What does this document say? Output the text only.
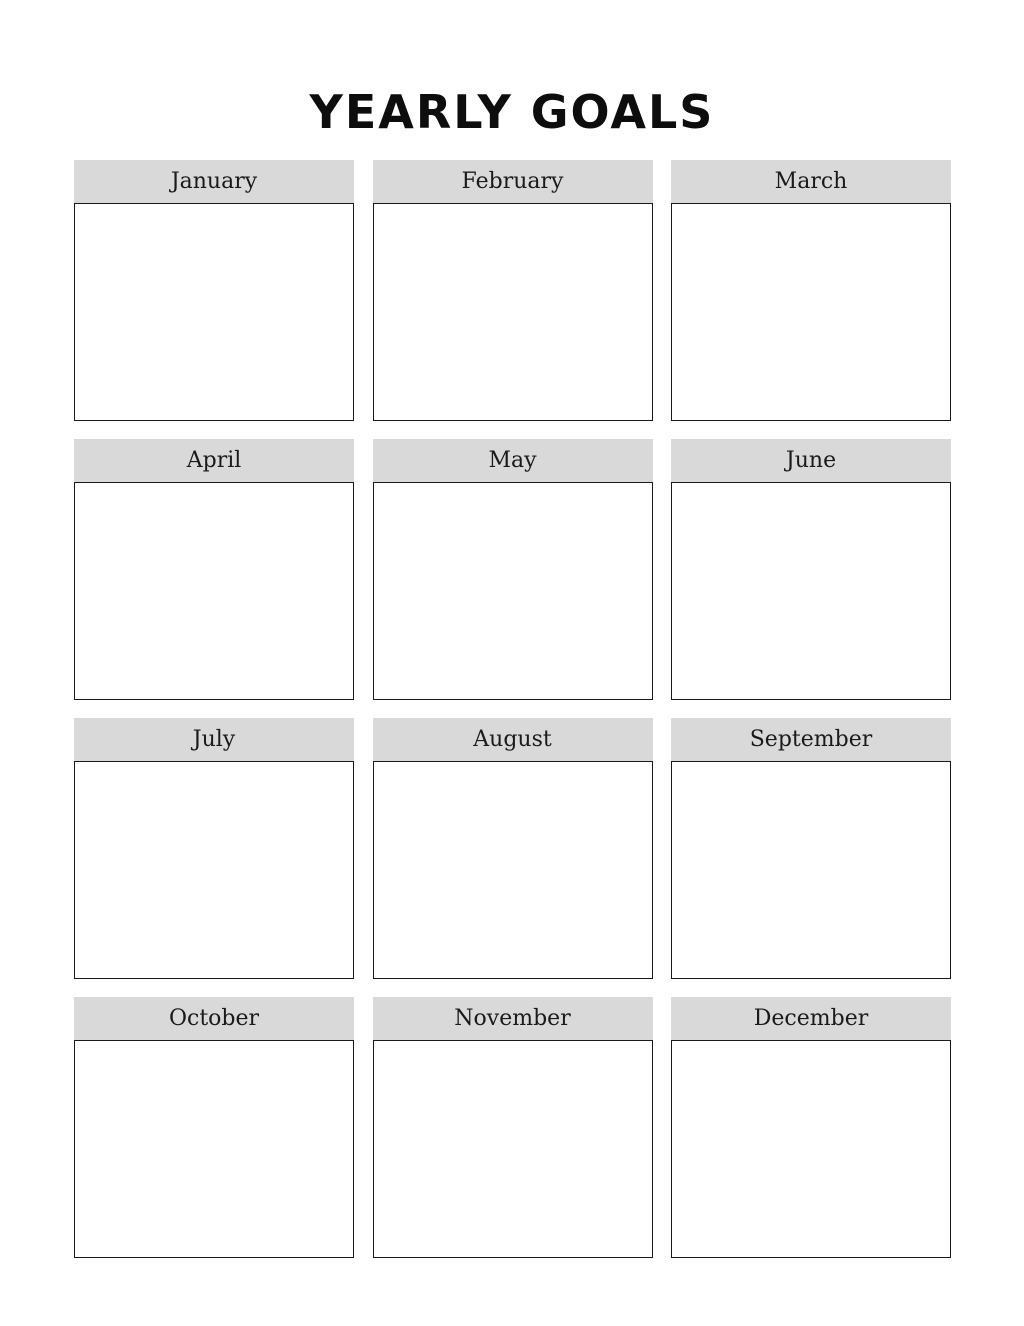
YEARLY GOALS
January	February	March
April	May	June
July	August	September
October	November	December
